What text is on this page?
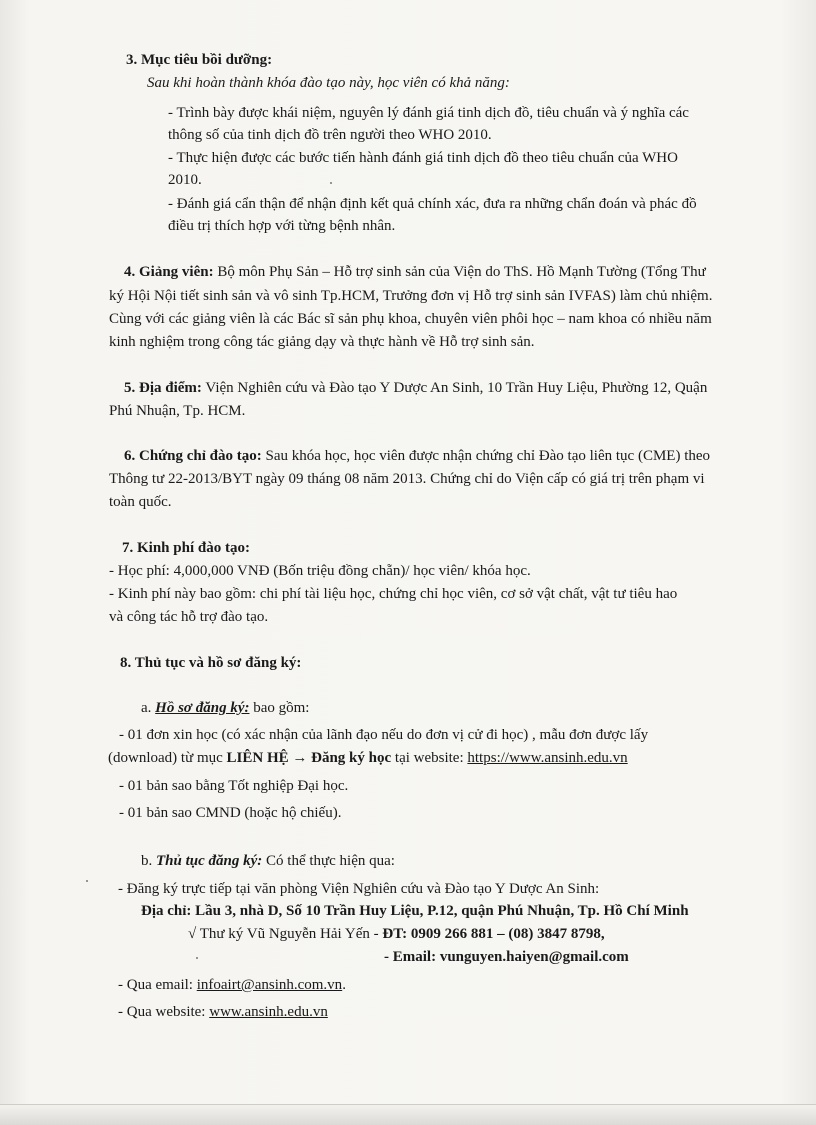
3. Mục tiêu bồi dưỡng:
Sau khi hoàn thành khóa đào tạo này, học viên có khả năng:
- Trình bày được khái niệm, nguyên lý đánh giá tinh dịch đồ, tiêu chuẩn và ý nghĩa các
thông số của tinh dịch đồ trên người theo WHO 2010.
- Thực hiện được các bước tiến hành đánh giá tinh dịch đồ theo tiêu chuẩn của WHO
2010.
- Đánh giá cẩn thận để nhận định kết quả chính xác, đưa ra những chẩn đoán và phác đồ
điều trị thích hợp với từng bệnh nhân.
4. Giảng viên: Bộ môn Phụ Sản – Hỗ trợ sinh sản của Viện do ThS. Hồ Mạnh Tường (Tổng Thư
ký Hội Nội tiết sinh sản và vô sinh Tp.HCM, Trưởng đơn vị Hỗ trợ sinh sản IVFAS) làm chủ nhiệm.
Cùng với các giảng viên là các Bác sĩ sản phụ khoa, chuyên viên phôi học – nam khoa có nhiều năm
kinh nghiệm trong công tác giảng dạy và thực hành về Hỗ trợ sinh sản.
5. Địa điểm: Viện Nghiên cứu và Đào tạo Y Dược An Sinh, 10 Trần Huy Liệu, Phường 12, Quận
Phú Nhuận, Tp. HCM.
6. Chứng chỉ đào tạo: Sau khóa học, học viên được nhận chứng chỉ Đào tạo liên tục (CME) theo
Thông tư 22-2013/BYT ngày 09 tháng 08 năm 2013. Chứng chỉ do Viện cấp có giá trị trên phạm vi
toàn quốc.
7. Kinh phí đào tạo:
- Học phí: 4,000,000 VNĐ (Bốn triệu đồng chẵn)/ học viên/ khóa học.
- Kinh phí này bao gồm: chi phí tài liệu học, chứng chỉ học viên, cơ sở vật chất, vật tư tiêu hao
và công tác hỗ trợ đào tạo.
8. Thủ tục và hồ sơ đăng ký:
a. Hồ sơ đăng ký: bao gồm:
- 01 đơn xin học (có xác nhận của lãnh đạo nếu do đơn vị cử đi học) , mẫu đơn được lấy
(download) từ mục LIÊN HỆ → Đăng ký học tại website: https://www.ansinh.edu.vn
- 01 bản sao bằng Tốt nghiệp Đại học.
- 01 bản sao CMND (hoặc hộ chiếu).
b. Thủ tục đăng ký: Có thể thực hiện qua:
- Đăng ký trực tiếp tại văn phòng Viện Nghiên cứu và Đào tạo Y Dược An Sinh:
Địa chỉ: Lầu 3, nhà D, Số 10 Trần Huy Liệu, P.12, quận Phú Nhuận, Tp. Hồ Chí Minh
√ Thư ký Vũ Nguyễn Hải Yến - ĐT: 0909 266 881 – (08) 3847 8798,
- Email: vunguyen.haiyen@gmail.com
- Qua email: infoairt@ansinh.com.vn.
- Qua website: www.ansinh.edu.vn
